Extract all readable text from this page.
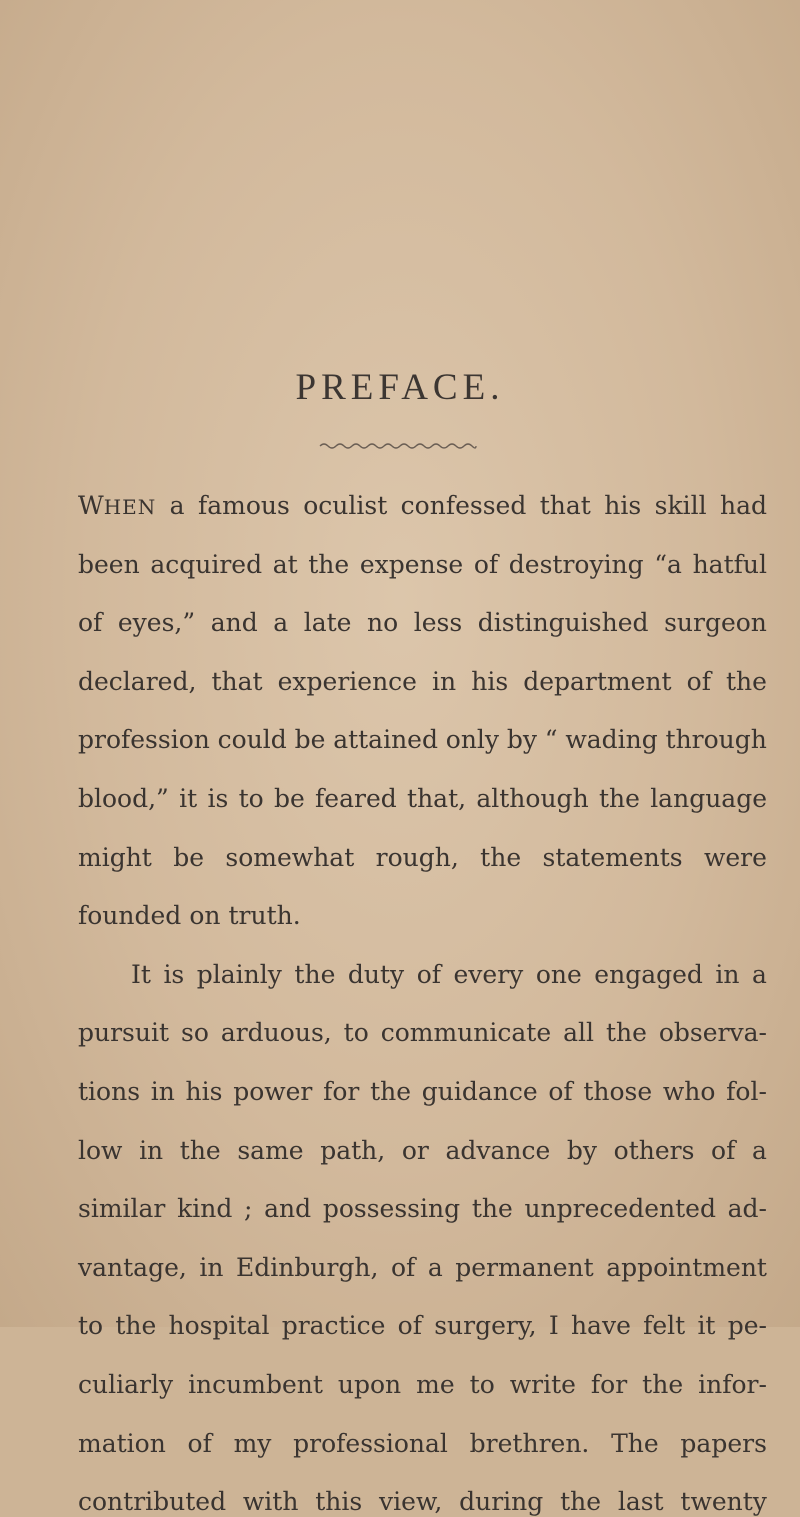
PREFACE.
WHEN a famous oculist confessed that his skill had
been acquired at the expense of destroying “a hatful
of eyes,” and a late no less distinguished surgeon
declared, that experience in his department of the
profession could be attained only by “ wading through
blood,” it is to be feared that, although the language
might be somewhat rough, the statements were
founded on truth.
It is plainly the duty of every one engaged in a
pursuit so arduous, to communicate all the observa-
tions in his power for the guidance of those who fol-
low in the same path, or advance by others of a
similar kind ; and possessing the unprecedented ad-
vantage, in Edinburgh, of a permanent appointment
to the hospital practice of surgery, I have felt it pe-
culiarly incumbent upon me to write for the infor-
mation of my professional brethren. The papers
contributed with this view, during the last twenty
